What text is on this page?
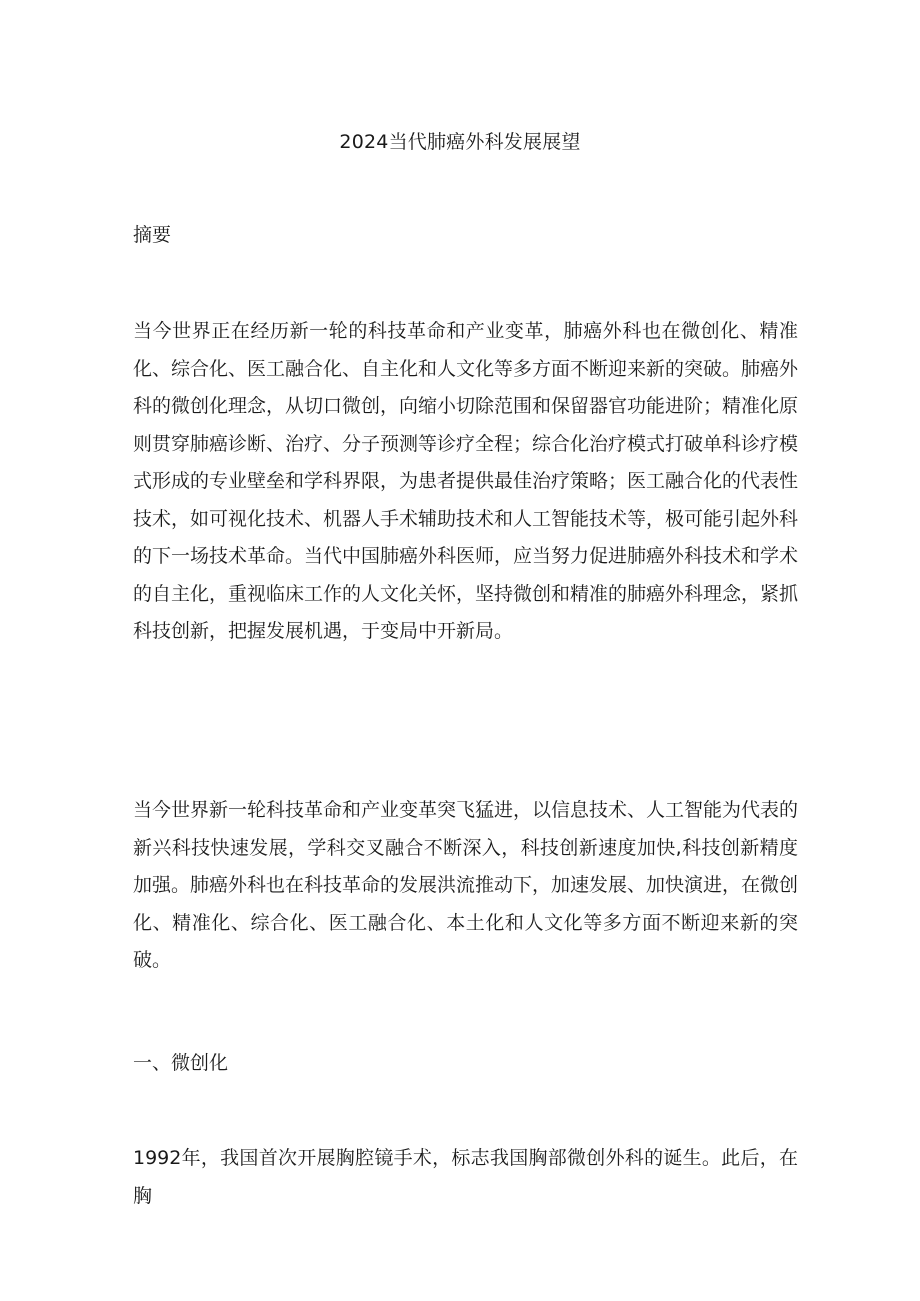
2024当代肺癌外科发展展望
摘要

当今世界正在经历新一轮的科技革命和产业变革，肺癌外科也在微创化、精准化、综合化、医工融合化、自主化和人文化等多方面不断迎来新的突破。肺癌外科的微创化理念，从切口微创，向缩小切除范围和保留器官功能进阶；精准化原则贯穿肺癌诊断、治疗、分子预测等诊疗全程；综合化治疗模式打破单科诊疗模式形成的专业壁垒和学科界限，为患者提供最佳治疗策略；医工融合化的代表性技术，如可视化技术、机器人手术辅助技术和人工智能技术等，极可能引起外科的下一场技术革命。当代中国肺癌外科医师，应当努力促进肺癌外科技术和学术的自主化，重视临床工作的人文化关怀，坚持微创和精准的肺癌外科理念，紧抓科技创新，把握发展机遇，于变局中开新局。

当今世界新一轮科技革命和产业变革突飞猛进，以信息技术、人工智能为代表的新兴科技快速发展，学科交叉融合不断深入，科技创新速度加快,科技创新精度加强。肺癌外科也在科技革命的发展洪流推动下，加速发展、加快演进，在微创化、精准化、综合化、医工融合化、本土化和人文化等多方面不断迎来新的突破。

一、微创化

1992年，我国首次开展胸腔镜手术，标志我国胸部微创外科的诞生。此后，在胸
